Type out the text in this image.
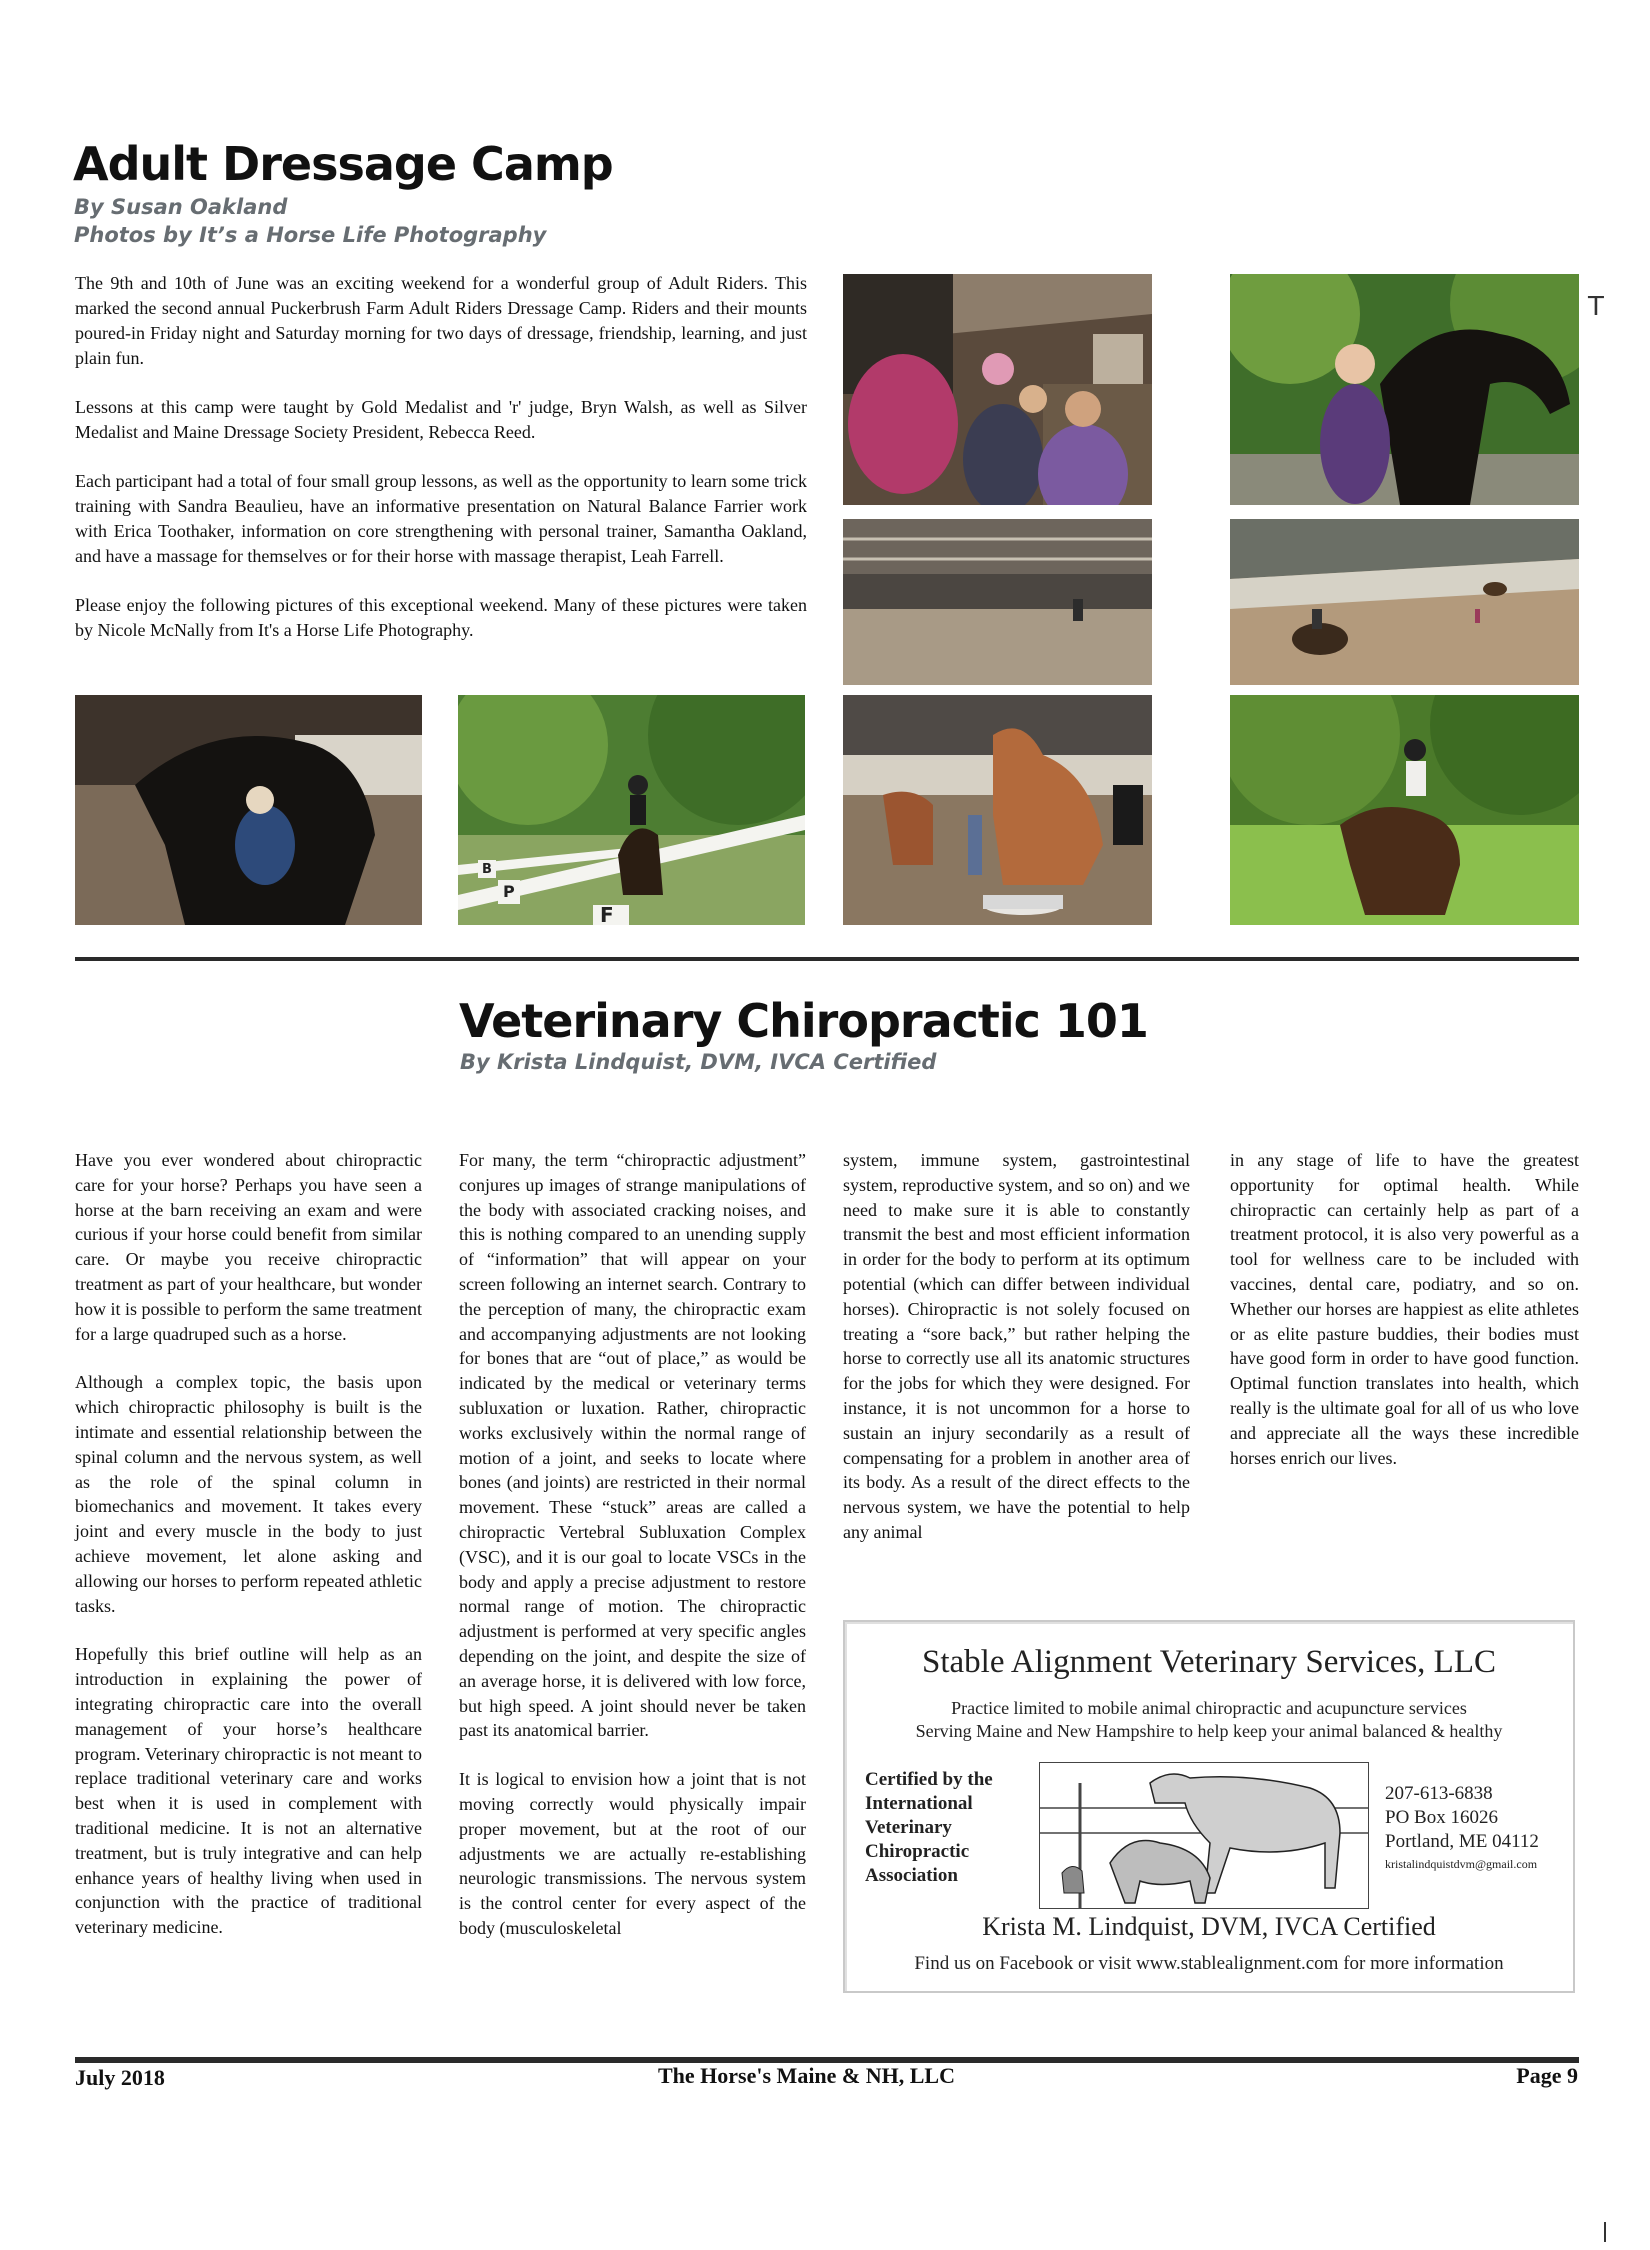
Adult Dressage Camp

By Susan Oakland

Photos by It’s a Horse Life Photography

T

The 9th and 10th of June was an exciting weekend for a wonderful group of Adult Riders. This marked the second annual Puckerbrush Farm Adult Riders Dressage Camp. Riders and their mounts poured-in Friday night and Saturday morning for two days of dressage, friendship, learning, and just plain fun.

Lessons at this camp were taught by Gold Medalist and 'r' judge, Bryn Walsh, as well as Silver Medalist and Maine Dressage Society President, Rebecca Reed.

Each participant had a total of four small group lessons, as well as the opportunity to learn some trick training with Sandra Beaulieu, have an informative presentation on Natural Balance Farrier work with Erica Toothaker, information on core strengthening with personal trainer, Samantha Oakland, and have a massage for themselves or for their horse with massage therapist, Leah Farrell.

Please enjoy the following pictures of this exceptional weekend. Many of these pictures were taken by Nicole McNally from It's a Horse Life Photography.

B
P
F
Veterinary Chiropractic 101

By Krista Lindquist, DVM, IVCA Certified

Have you ever wondered about chiropractic care for your horse? Perhaps you have seen a horse at the barn receiving an exam and were curious if your horse could benefit from similar care. Or maybe you receive chiropractic treatment as part of your healthcare, but wonder how it is possible to perform the same treatment for a large quadruped such as a horse.

Although a complex topic, the basis upon which chiropractic philosophy is built is the intimate and essential relationship between the spinal column and the nervous system, as well as the role of the spinal column in biomechanics and movement. It takes every joint and every muscle in the body to just achieve movement, let alone asking and allowing our horses to perform repeated athletic tasks.

Hopefully this brief outline will help as an introduction in explaining the power of integrating chiropractic care into the overall management of your horse’s healthcare program. Veterinary chiropractic is not meant to replace traditional veterinary care and works best when it is used in complement with traditional medicine. It is not an alternative treatment, but is truly integrative and can help enhance years of healthy living when used in conjunction with the practice of traditional veterinary medicine.

For many, the term “chiropractic adjustment” conjures up images of strange manipulations of the body with associated cracking noises, and this is nothing compared to an unending supply of “information” that will appear on your screen following an internet search. Contrary to the perception of many, the chiropractic exam and accompanying adjustments are not looking for bones that are “out of place,” as would be indicated by the medical or veterinary terms subluxation or luxation. Rather, chiropractic works exclusively within the normal range of motion of a joint, and seeks to locate where bones (and joints) are restricted in their normal movement. These “stuck” areas are called a chiropractic Vertebral Subluxation Complex (VSC), and it is our goal to locate VSCs in the body and apply a precise adjustment to restore normal range of motion. The chiropractic adjustment is performed at very specific angles depending on the joint, and despite the size of an average horse, it is delivered with low force, but high speed. A joint should never be taken past its anatomical barrier.

It is logical to envision how a joint that is not moving correctly would physically impair proper movement, but at the root of our adjustments we are actually re-establishing neurologic transmissions. The nervous system is the control center for every aspect of the body (musculoskeletal

system, immune system, gastrointestinal system, reproductive system, and so on) and we need to make sure it is able to constantly transmit the best and most efficient information in order for the body to perform at its optimum potential (which can differ between individual horses). Chiropractic is not solely focused on treating a “sore back,” but rather helping the horse to correctly use all its anatomic structures for the jobs for which they were designed. For instance, it is not uncommon for a horse to sustain an injury secondarily as a result of compensating for a problem in another area of its body. As a result of the direct effects to the nervous system, we have the potential to help any animal

in any stage of life to have the greatest opportunity for optimal health. While chiropractic can certainly help as part of a treatment protocol, it is also very powerful as a tool for wellness care to be included with vaccines, dental care, podiatry, and so on. Whether our horses are happiest as elite athletes or as elite pasture buddies, their bodies must have good form in order to have good function. Optimal function translates into health, which really is the ultimate goal for all of us who love and appreciate all the ways these incredible horses enrich our lives.

Stable Alignment Veterinary Services, LLC
Practice limited to mobile animal chiropractic and acupuncture services
Serving Maine and New Hampshire to help keep your animal balanced & healthy
Certified by the
International
Veterinary
Chiropractic
Association
207-613-6838
PO Box 16026
Portland, ME 04112
kristalindquistdvm@gmail.com
Krista M. Lindquist, DVM, IVCA Certified
Find us on Facebook or visit www.stablealignment.com for more information
July 2018	The Horse's Maine & NH, LLC	Page 9
